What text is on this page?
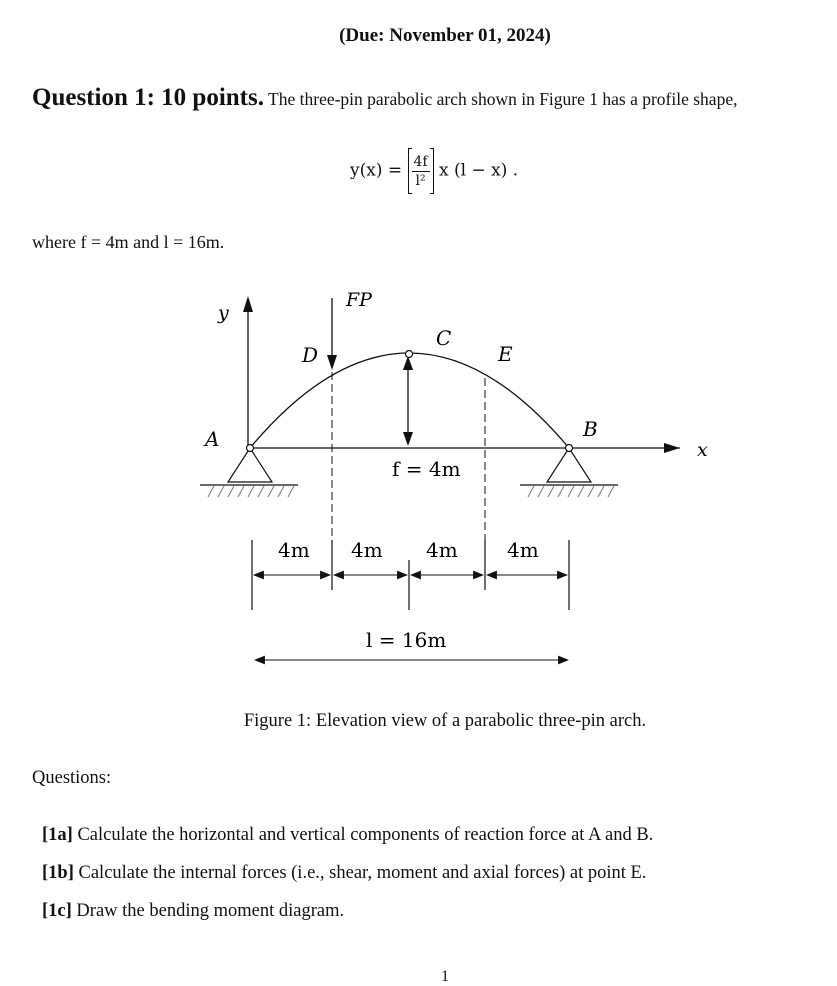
(Due: November 01, 2024)
Question 1: 10 points. The three-pin parabolic arch shown in Figure 1 has a profile shape,
$y(x) = \frac{4f}{\text{l²}}$ x (l − x) .
where f = 4m and l = 16m.
y
x
FP
A	B
C
D	E
f = 4m
l = 16m
4m 4m 4m 4m
Figure 1: Elevation view of a parabolic three-pin arch.
Questions:
[1a] Calculate the horizontal and vertical components of reaction force at A and B.
[1b] Calculate the internal forces (i.e., shear, moment and axial forces) at point E.
[1c] Draw the bending moment diagram.
1
